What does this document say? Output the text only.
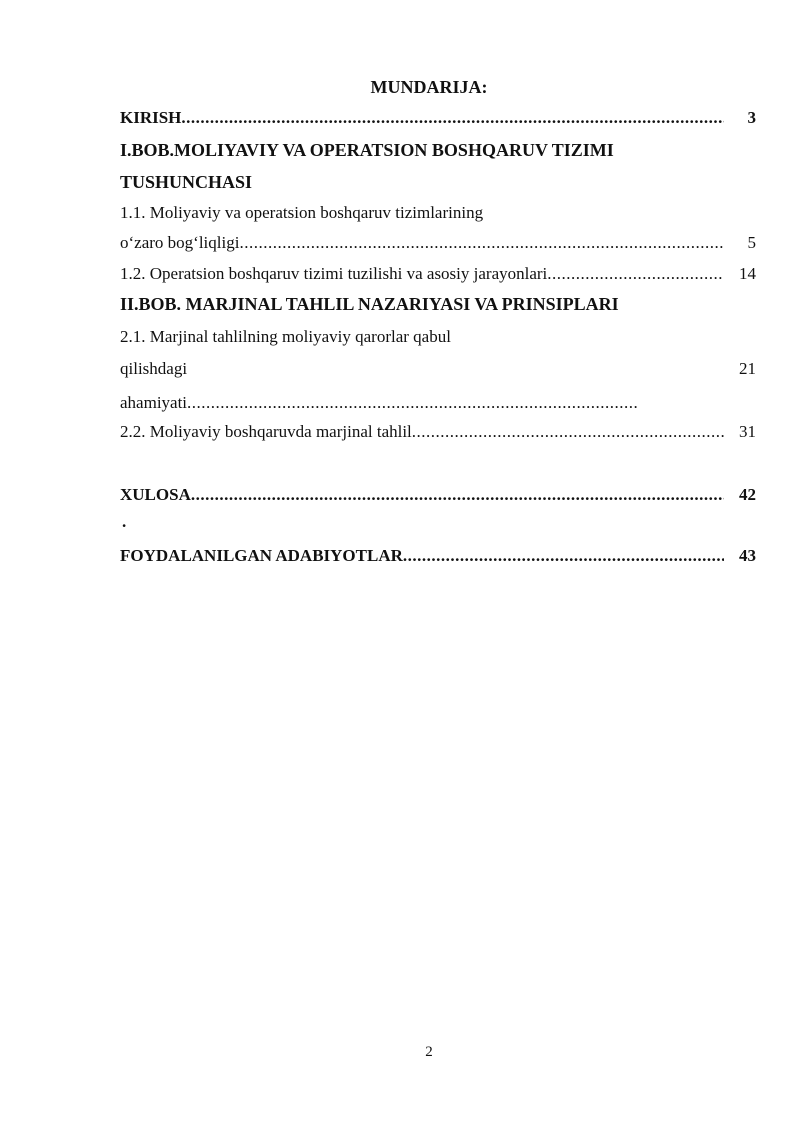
MUNDARIJA:
KIRISH .....	3
I.BOB.MOLIYAVIY VA OPERATSION BOSHQARUV TIZIMI
TUSHUNCHASI
1.1. Moliyaviy va operatsion boshqaruv tizimlarining
o‘zaro bog‘liqligi .....	5
1.2. Operatsion boshqaruv tizimi tuzilishi va asosiy jarayonlari .....	14
II.BOB. MARJINAL TAHLIL NAZARIYASI VA PRINSIPLARI
2.1. Marjinal tahlilning moliyaviy qarorlar qabul
qilishdagi	21
ahamiyati
.....
2.2. Moliyaviy boshqaruvda marjinal tahlil .....	31
XULOSA .....	42
.
FOYDALANILGAN ADABIYOTLAR .....	43
2
